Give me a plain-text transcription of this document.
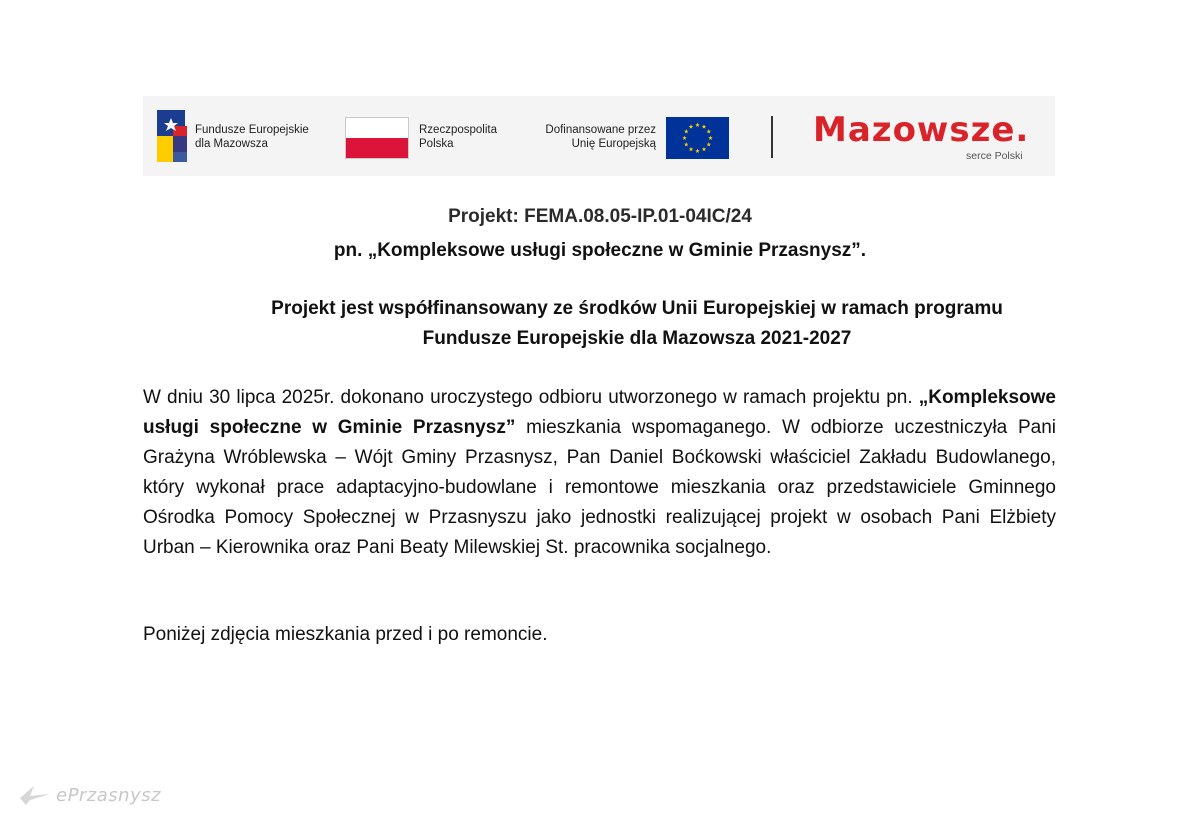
Fundusze Europejskie
dla Mazowsza
Rzeczpospolita
Polska
Dofinansowane przez
Unię Europejską	Mazowsze.
serce Polski
Projekt: FEMA.08.05-IP.01-04IC/24
pn. „Kompleksowe usługi społeczne w Gminie Przasnysz”.
Projekt jest współfinansowany ze środków Unii Europejskiej w ramach programu
Fundusze Europejskie dla Mazowsza 2021-2027

W dniu 30 lipca 2025r. dokonano uroczystego odbioru utworzonego w ramach projektu pn. „Kompleksowe usługi społeczne w Gminie Przasnysz” mieszkania wspomaganego. W odbiorze uczestniczyła Pani Grażyna Wróblewska – Wójt Gminy Przasnysz, Pan Daniel Boćkowski właściciel Zakładu Budowlanego, który wykonał prace adaptacyjno-budowlane i remontowe mieszkania oraz przedstawiciele Gminnego Ośrodka Pomocy Społecznej w Przasnyszu jako jednostki realizującej projekt w osobach Pani Elżbiety Urban – Kierownika oraz Pani Beaty Milewskiej St. pracownika socjalnego.

Poniżej zdjęcia mieszkania przed i po remoncie.

ePrzasnysz
